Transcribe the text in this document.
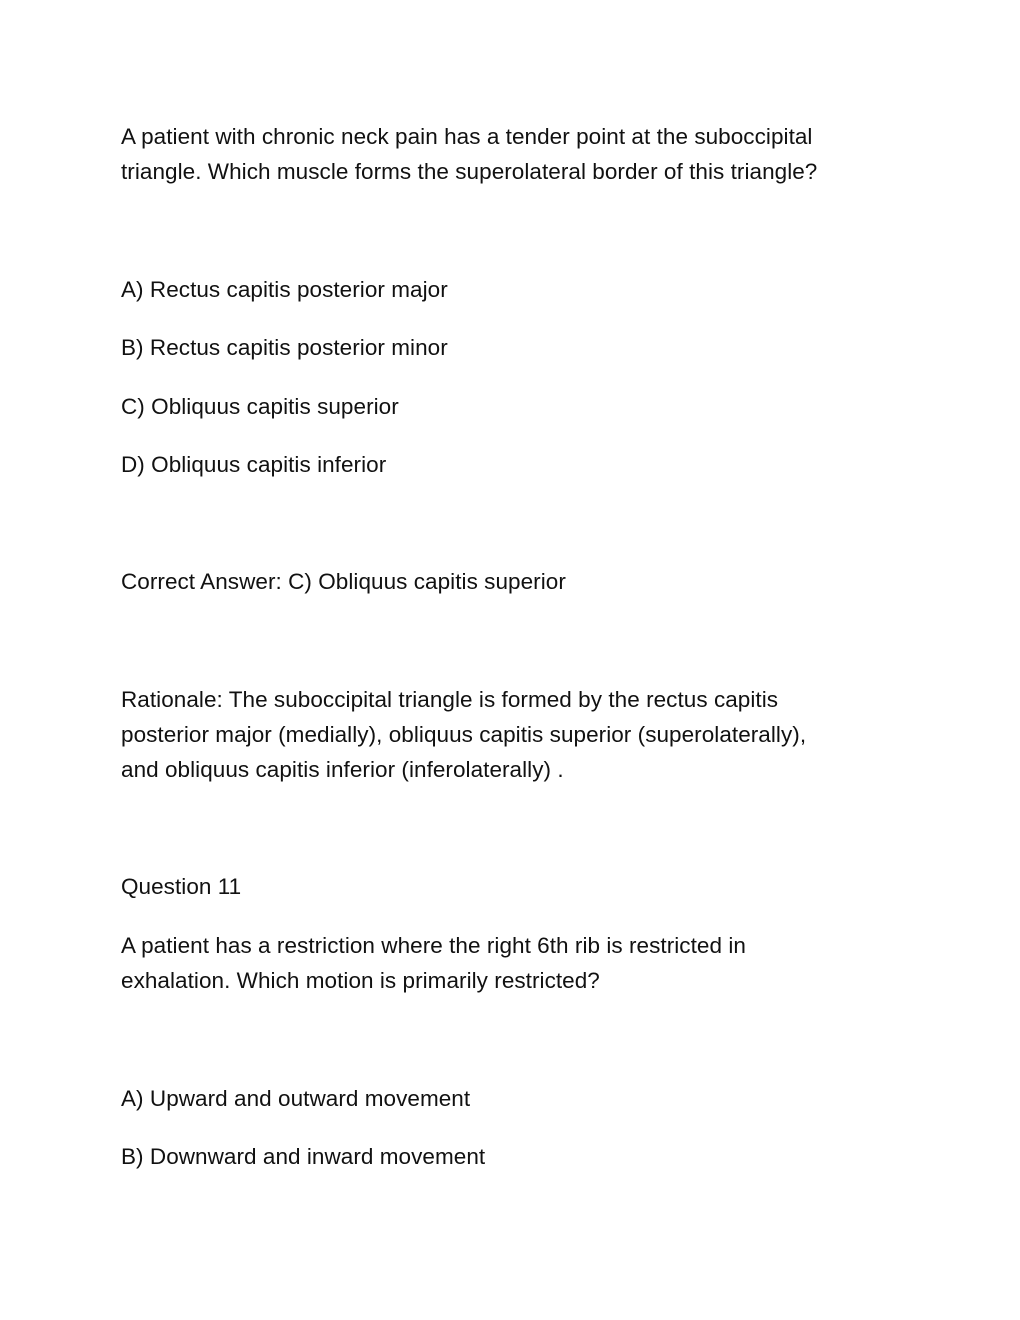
A patient with chronic neck pain has a tender point at the suboccipital
triangle. Which muscle forms the superolateral border of this triangle?
A) Rectus capitis posterior major
B) Rectus capitis posterior minor
C) Obliquus capitis superior
D) Obliquus capitis inferior
Correct Answer: C) Obliquus capitis superior
Rationale: The suboccipital triangle is formed by the rectus capitis
posterior major (medially), obliquus capitis superior (superolaterally),
and obliquus capitis inferior (inferolaterally) .
Question 11
A patient has a restriction where the right 6th rib is restricted in
exhalation. Which motion is primarily restricted?
A) Upward and outward movement
B) Downward and inward movement
